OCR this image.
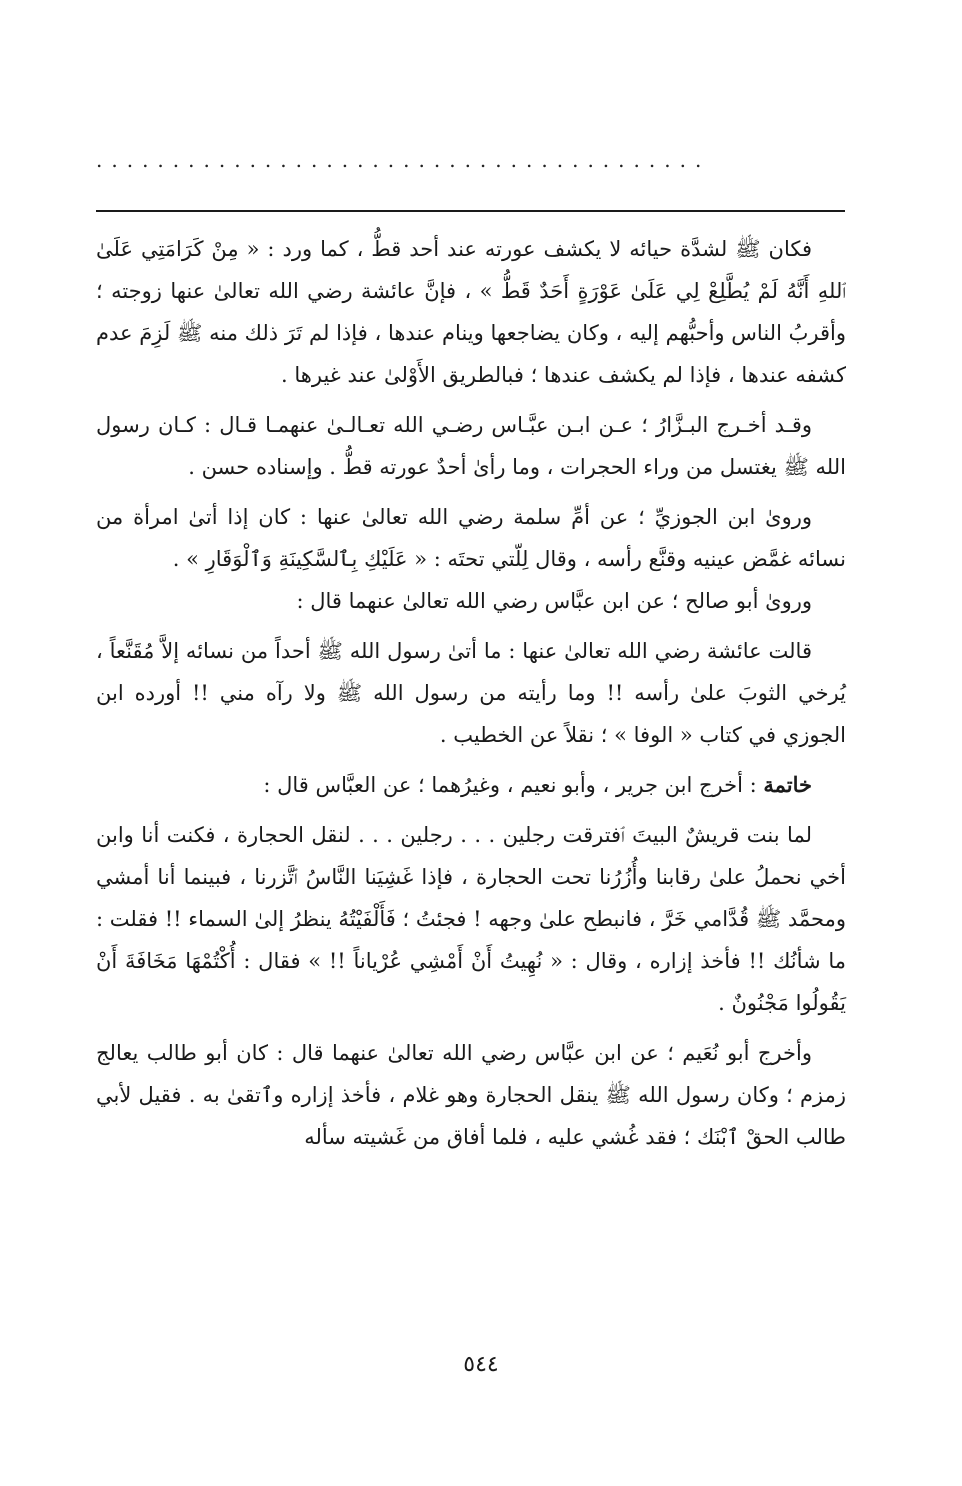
........................................

فكان ﷺ لشدَّة حيائه لا يكشف عورته عند أحد قطُّ ، كما ورد : « مِنْ كَرَامَتِي عَلَىٰ ٱللهِ أَنَّهُ لَمْ يُطَّلِعْ لِي عَلَىٰ عَوْرَةٍ أَحَدٌ قَطُّ » ، فإنَّ عائشة رضي الله تعالىٰ عنها زوجته ؛ وأقربُ الناس وأحبُّهم إليه ، وكان يضاجعها وينام عندها ، فإذا لم تَرَ ذلك منه ﷺ لَزِمَ عدم كشفه عندها ، فإذا لم يكشف عندها ؛ فبالطريق الأَوْلىٰ عند غيرها .

وقـد أخـرج البـزَّارُ ؛ عـن ابـن عبَّـاس رضـي الله تعـالـىٰ عنهمـا قـال : كـان رسول الله ﷺ يغتسل من وراء الحجرات ، وما رأىٰ أحدٌ عورته قطُّ . وإسناده حسن .

وروىٰ ابن الجوزيِّ ؛ عن أمِّ سلمة رضي الله تعالىٰ عنها : كان إذا أتىٰ امرأة من نسائه غمَّض عينيه وقنَّع رأسه ، وقال لِلّتي تحتَه : « عَلَيْكِ بِٱلسَّكِينَةِ وَٱلْوَقَارِ » .

وروىٰ أبو صالح ؛ عن ابن عبَّاس رضي الله تعالىٰ عنهما قال :

قالت عائشة رضي الله تعالىٰ عنها : ما أتىٰ رسول الله ﷺ أحداً من نسائه إلاَّ مُقَنَّعاً ، يُرخي الثوبَ علىٰ رأسه !! وما رأيته من رسول الله ﷺ ولا رآه مني !! أورده ابن الجوزي في كتاب « الوفا » ؛ نقلاً عن الخطيب .

خاتمة : أخرج ابن جرير ، وأبو نعيم ، وغيرُهما ؛ عن العبَّاس قال :

لما بنت قريشٌ البيتَ ٱفترقت رجلين . . . رجلين . . . لنقل الحجارة ، فكنت أنا وابن أخي نحملُ علىٰ رقابنا وأُزُرُنا تحت الحجارة ، فإذا غَشِيَنا النَّاسُ ٱتَّزرنا ، فبينما أنا أمشي ومحمَّد ﷺ قُدَّامي خَرَّ ، فانبطح علىٰ وجهه ! فجئتُ ؛ فَأَلْفَيْتُهُ ينظرُ إلىٰ السماء !! فقلت : ما شأنُك !! فأخذ إزاره ، وقال : « نُهِيتُ أَنْ أَمْشِي عُرْياناً !! » فقال : أُكْتُمْهَا مَخَافَةَ أَنْ يَقُولُوا مَجْنُونٌ .

وأخرج أبو نُعَيم ؛ عن ابن عبَّاس رضي الله تعالىٰ عنهما قال : كان أبو طالب يعالج زمزم ؛ وكان رسول الله ﷺ ينقل الحجارة وهو غلام ، فأخذ إزاره وٱتقىٰ به . فقيل لأبي طالب الحقْ ٱبْنَك ؛ فقد غُشي عليه ، فلما أفاق من غَشيته سأله

٥٤٤
